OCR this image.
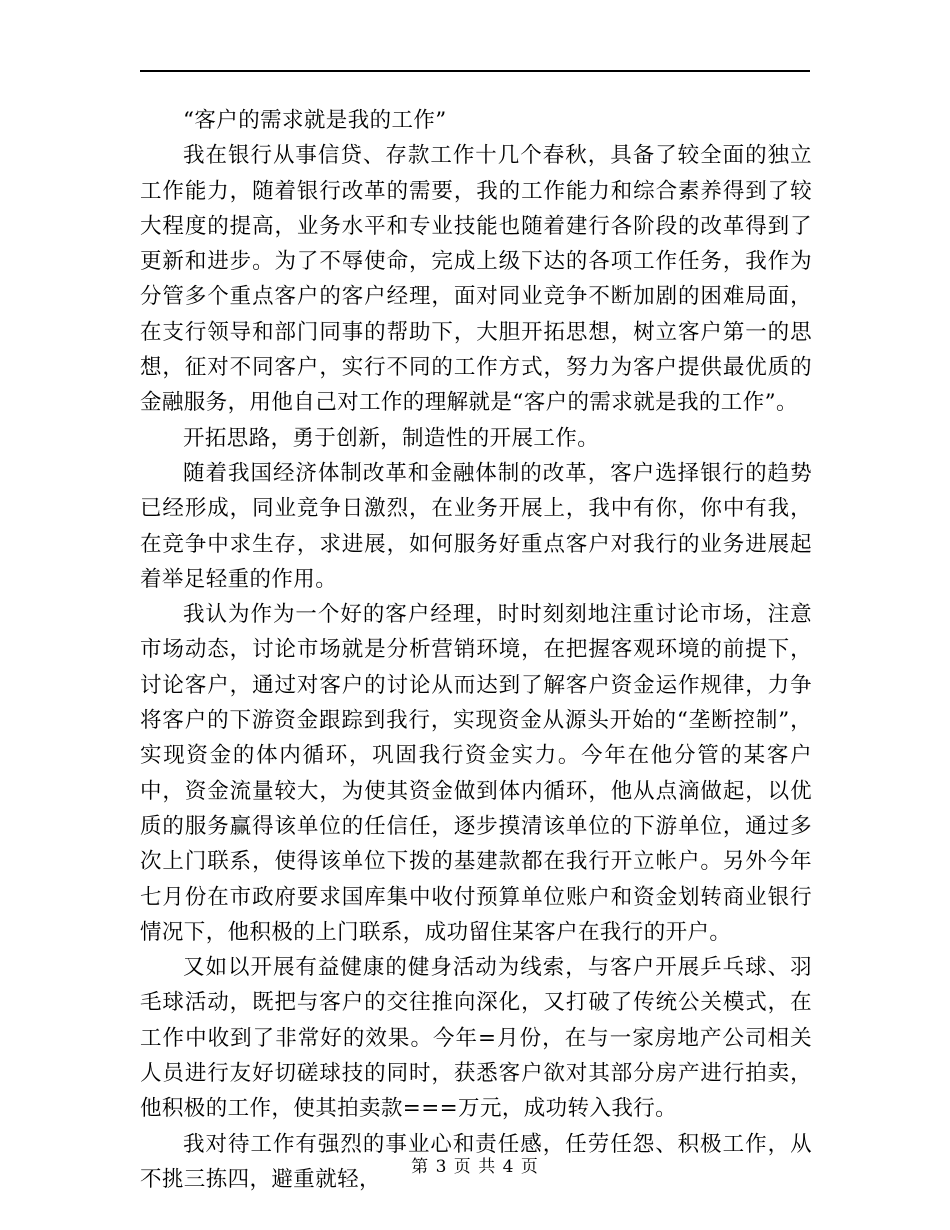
“客户的需求就是我的工作”

我在银行从事信贷、存款工作十几个春秋，具备了较全面的独立工作能力，随着银行改革的需要，我的工作能力和综合素养得到了较大程度的提高，业务水平和专业技能也随着建行各阶段的改革得到了更新和进步。为了不辱使命，完成上级下达的各项工作任务，我作为分管多个重点客户的客户经理，面对同业竞争不断加剧的困难局面，在支行领导和部门同事的帮助下，大胆开拓思想，树立客户第一的思想，征对不同客户，实行不同的工作方式，努力为客户提供最优质的金融服务，用他自己对工作的理解就是“客户的需求就是我的工作”。

开拓思路，勇于创新，制造性的开展工作。

随着我国经济体制改革和金融体制的改革，客户选择银行的趋势已经形成，同业竞争日激烈，在业务开展上，我中有你，你中有我，在竞争中求生存，求进展，如何服务好重点客户对我行的业务进展起着举足轻重的作用。

我认为作为一个好的客户经理，时时刻刻地注重讨论市场，注意市场动态，讨论市场就是分析营销环境，在把握客观环境的前提下，讨论客户，通过对客户的讨论从而达到了解客户资金运作规律，力争将客户的下游资金跟踪到我行，实现资金从源头开始的“垄断控制”，实现资金的体内循环，巩固我行资金实力。今年在他分管的某客户中，资金流量较大，为使其资金做到体内循环，他从点滴做起，以优质的服务赢得该单位的任信任，逐步摸清该单位的下游单位，通过多次上门联系，使得该单位下拨的基建款都在我行开立帐户。另外今年七月份在市政府要求国库集中收付预算单位账户和资金划转商业银行情况下，他积极的上门联系，成功留住某客户在我行的开户。

又如以开展有益健康的健身活动为线索，与客户开展乒乓球、羽毛球活动，既把与客户的交往推向深化，又打破了传统公关模式，在工作中收到了非常好的效果。今年=月份，在与一家房地产公司相关人员进行友好切磋球技的同时，获悉客户欲对其部分房产进行拍卖，他积极的工作，使其拍卖款===万元，成功转入我行。

我对待工作有强烈的事业心和责任感，任劳任怨、积极工作，从不挑三拣四，避重就轻，	第 3 页 共 4 页
